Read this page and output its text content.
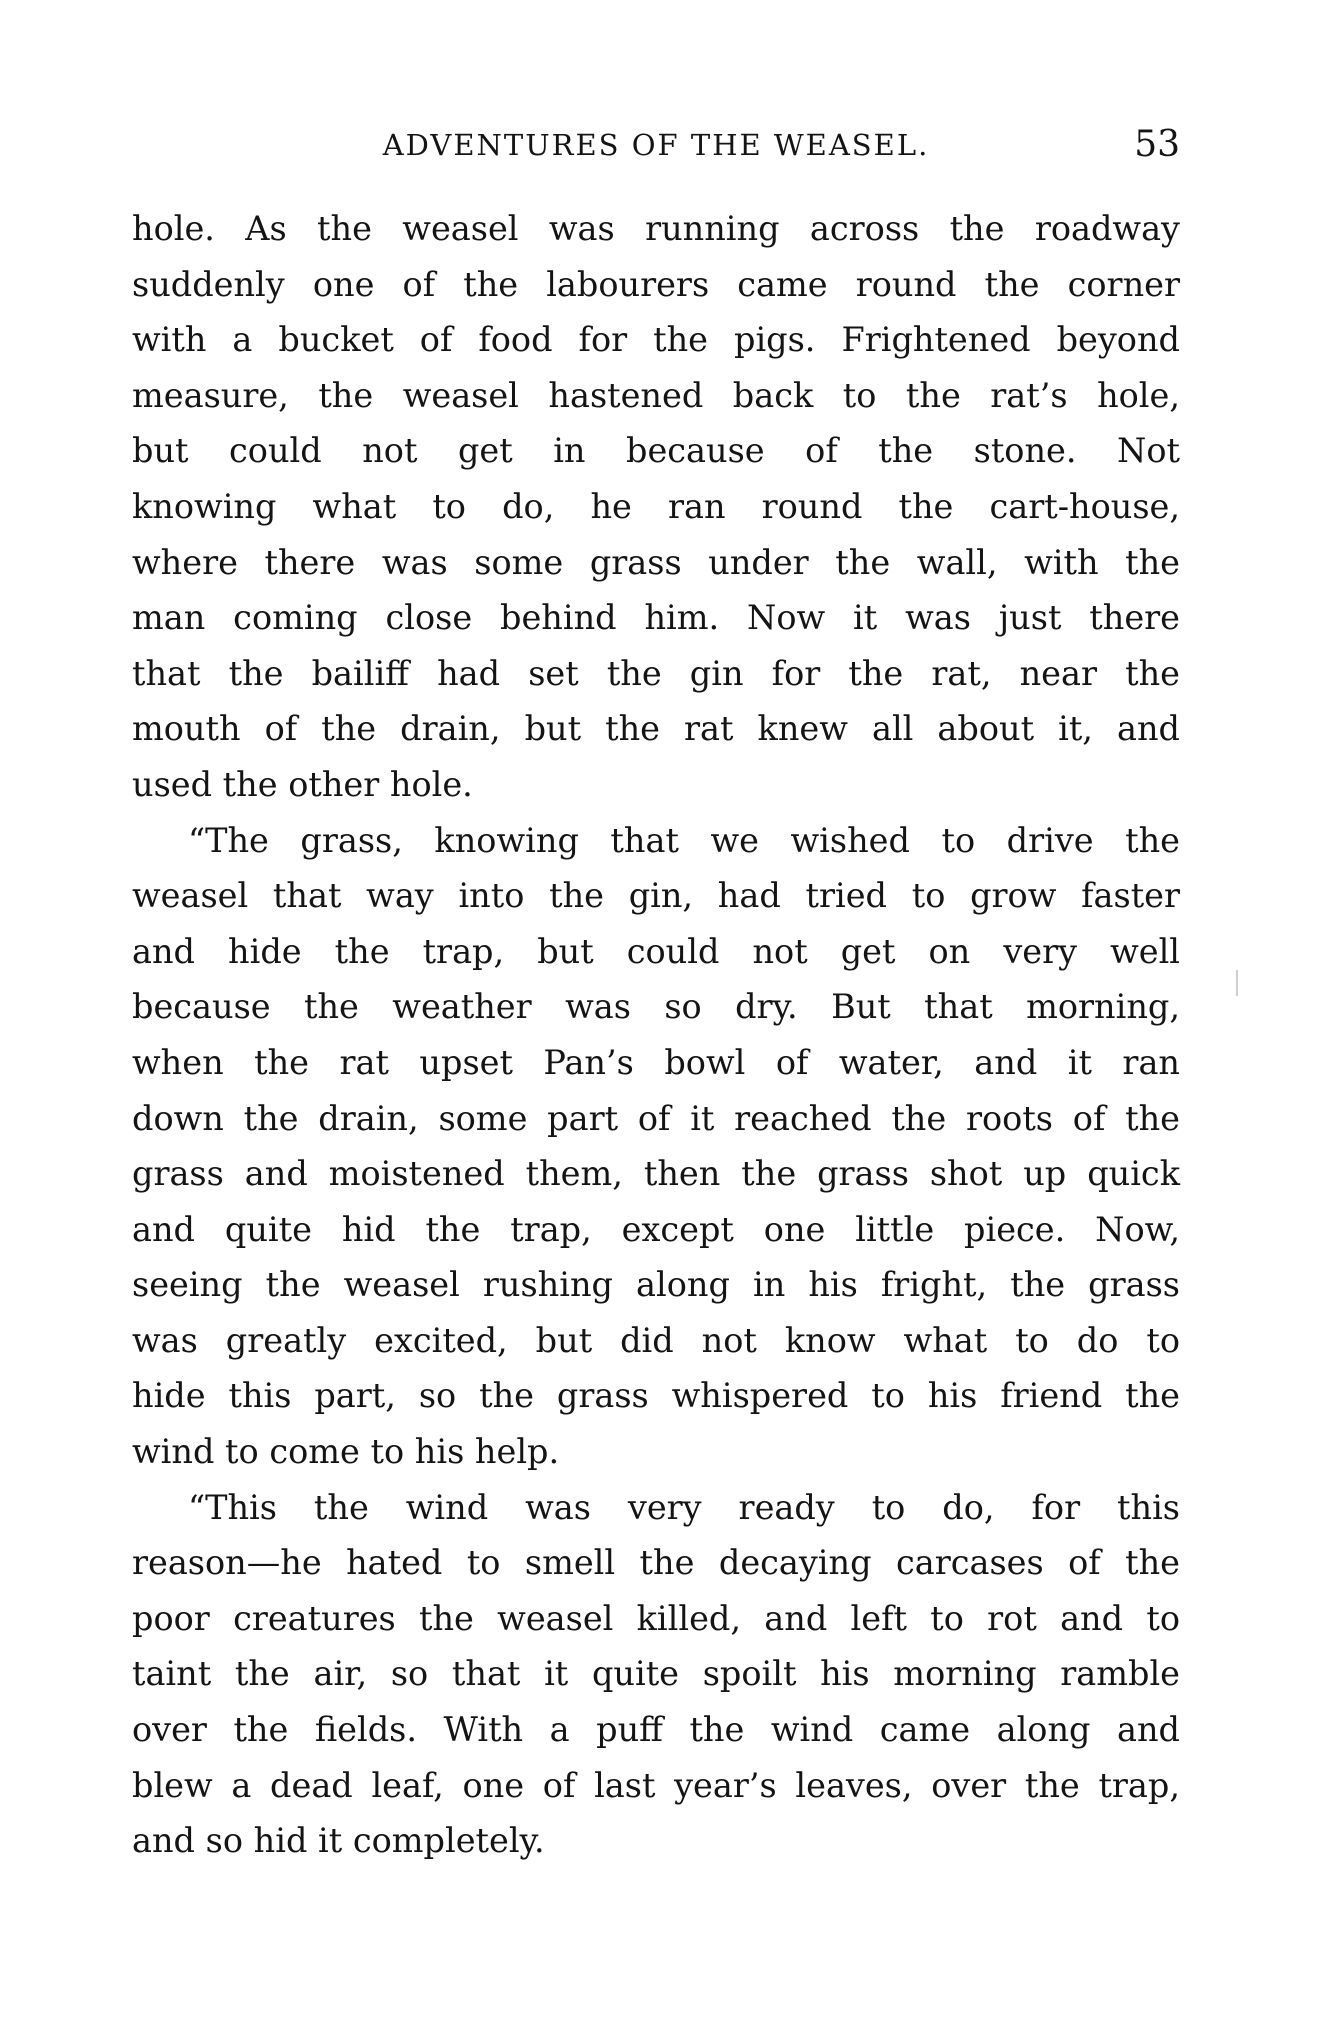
ADVENTURES OF THE WEASEL.	53
hole. As the weasel was running across the roadway
suddenly one of the labourers came round the corner
with a bucket of food for the pigs. Frightened beyond
measure, the weasel hastened back to the rat’s hole,
but could not get in because of the stone. Not
knowing what to do, he ran round the cart-house,
where there was some grass under the wall, with the
man coming close behind him. Now it was just there
that the bailiff had set the gin for the rat, near the
mouth of the drain, but the rat knew all about it, and
used the other hole.
“The grass, knowing that we wished to drive the
weasel that way into the gin, had tried to grow faster
and hide the trap, but could not get on very well
because the weather was so dry. But that morning,
when the rat upset Pan’s bowl of water, and it ran
down the drain, some part of it reached the roots of the
grass and moistened them, then the grass shot up quick
and quite hid the trap, except one little piece. Now,
seeing the weasel rushing along in his fright, the grass
was greatly excited, but did not know what to do to
hide this part, so the grass whispered to his friend the
wind to come to his help.
“This the wind was very ready to do, for this
reason—he hated to smell the decaying carcases of the
poor creatures the weasel killed, and left to rot and to
taint the air, so that it quite spoilt his morning ramble
over the fields. With a puff the wind came along and
blew a dead leaf, one of last year’s leaves, over the trap,
and so hid it completely.
